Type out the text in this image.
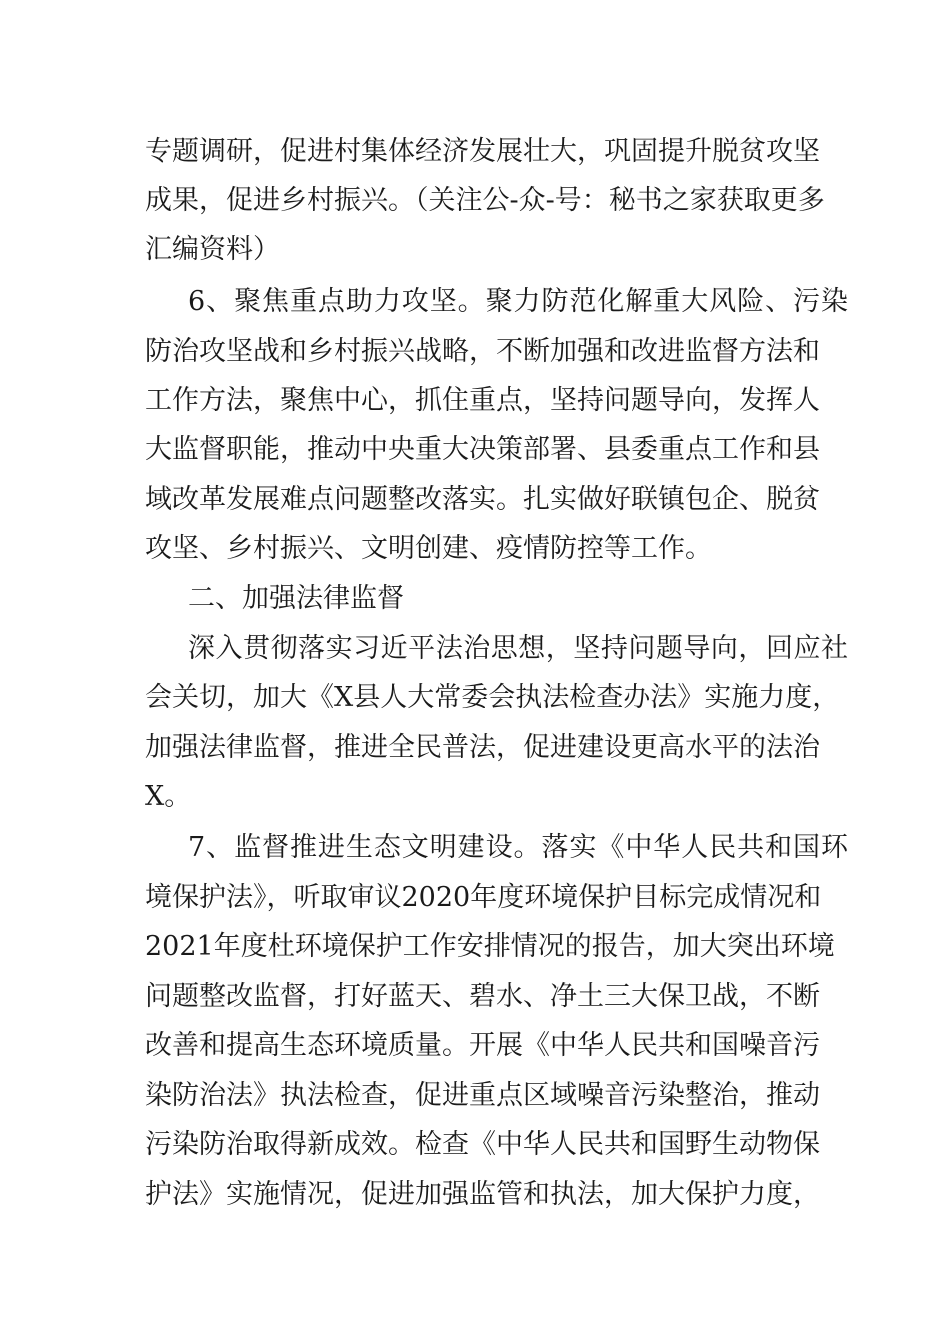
专题调研，促进村集体经济发展壮大，巩固提升脱贫攻坚
成果，促进乡村振兴。（关注公-众-号：秘书之家获取更多
汇编资料）
6、聚焦重点助力攻坚。聚力防范化解重大风险、污染
防治攻坚战和乡村振兴战略，不断加强和改进监督方法和
工作方法，聚焦中心，抓住重点，坚持问题导向，发挥人
大监督职能，推动中央重大决策部署、县委重点工作和县
域改革发展难点问题整改落实。扎实做好联镇包企、脱贫
攻坚、乡村振兴、文明创建、疫情防控等工作。
二、加强法律监督
深入贯彻落实习近平法治思想，坚持问题导向，回应社
会关切，加大《X县人大常委会执法检查办法》实施力度，
加强法律监督，推进全民普法，促进建设更高水平的法治
X。
7、监督推进生态文明建设。落实《中华人民共和国环
境保护法》，听取审议2020年度环境保护目标完成情况和
2021年度杜环境保护工作安排情况的报告，加大突出环境
问题整改监督，打好蓝天、碧水、净土三大保卫战，不断
改善和提高生态环境质量。开展《中华人民共和国噪音污
染防治法》执法检查，促进重点区域噪音污染整治，推动
污染防治取得新成效。检查《中华人民共和国野生动物保
护法》实施情况，促进加强监管和执法，加大保护力度，
